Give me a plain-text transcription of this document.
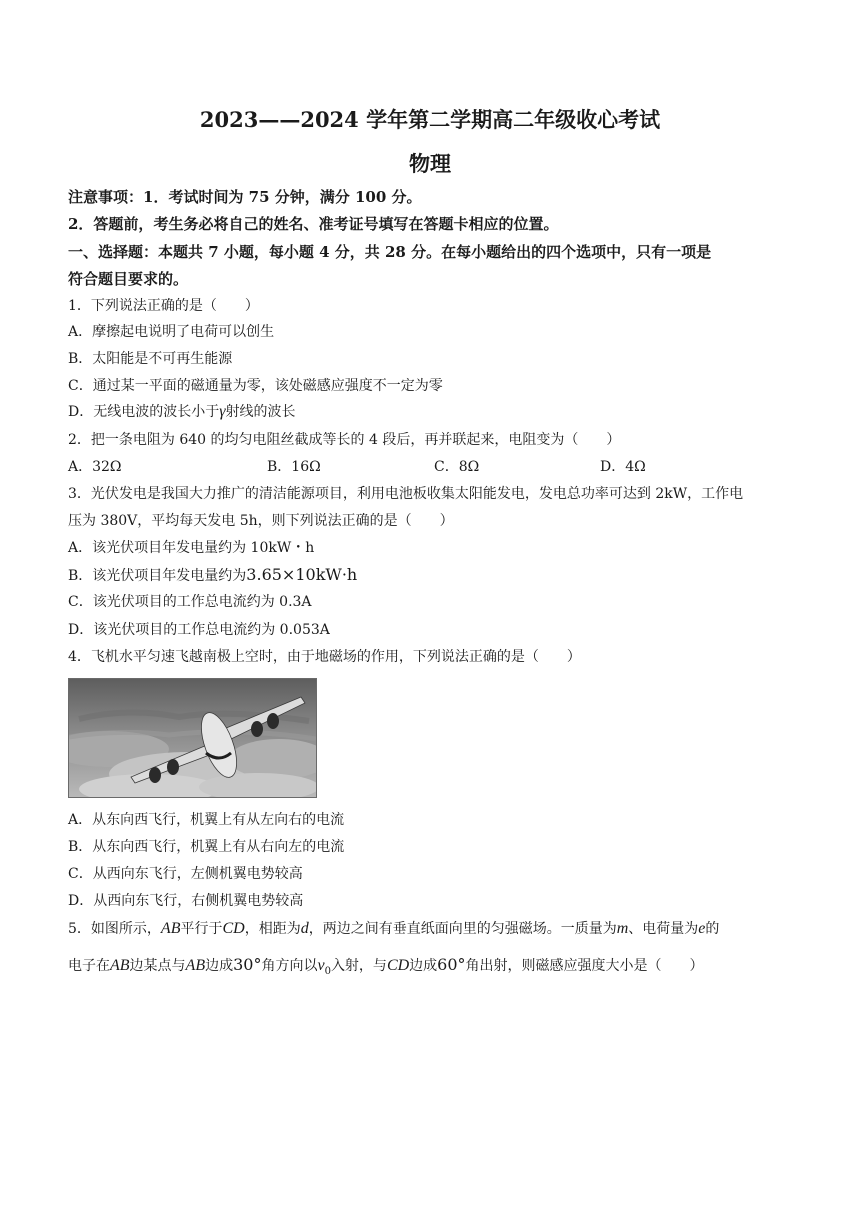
2023——2024 学年第二学期高二年级收心考试
物理
注意事项：1．考试时间为 75 分钟，满分 100 分。
2．答题前，考生务必将自己的姓名、准考证号填写在答题卡相应的位置。
一、选择题：本题共 7 小题，每小题 4 分，共 28 分。在每小题给出的四个选项中，只有一项是
符合题目要求的。
1．下列说法正确的是（　　）
A．摩擦起电说明了电荷可以创生
B．太阳能是不可再生能源
C．通过某一平面的磁通量为零，该处磁感应强度不一定为零
D．无线电波的波长小于γ射线的波长
2．把一条电阻为 640 的均匀电阻丝截成等长的 4 段后，再并联起来，电阻变为（　　）
A．32Ω	B．16Ω	C．8Ω	D．4Ω
3．光伏发电是我国大力推广的清洁能源项目，利用电池板收集太阳能发电，发电总功率可达到 2kW，工作电
压为 380V，平均每天发电 5h，则下列说法正确的是（　　）
A．该光伏项目年发电量约为 10kW・h
B．该光伏项目年发电量约为3.65×10kW·h
C．该光伏项目的工作总电流约为 0.3A
D．该光伏项目的工作总电流约为 0.053A
4．飞机水平匀速飞越南极上空时，由于地磁场的作用，下列说法正确的是（　　）
A．从东向西飞行，机翼上有从左向右的电流
B．从东向西飞行，机翼上有从右向左的电流
C．从西向东飞行，左侧机翼电势较高
D．从西向东飞行，右侧机翼电势较高
5．如图所示，AB平行于CD，相距为d，两边之间有垂直纸面向里的匀强磁场。一质量为m、电荷量为e的
电子在AB边某点与AB边成30°角方向以$v_0$入射，与CD边成60°角出射，则磁感应强度大小是（　　）
